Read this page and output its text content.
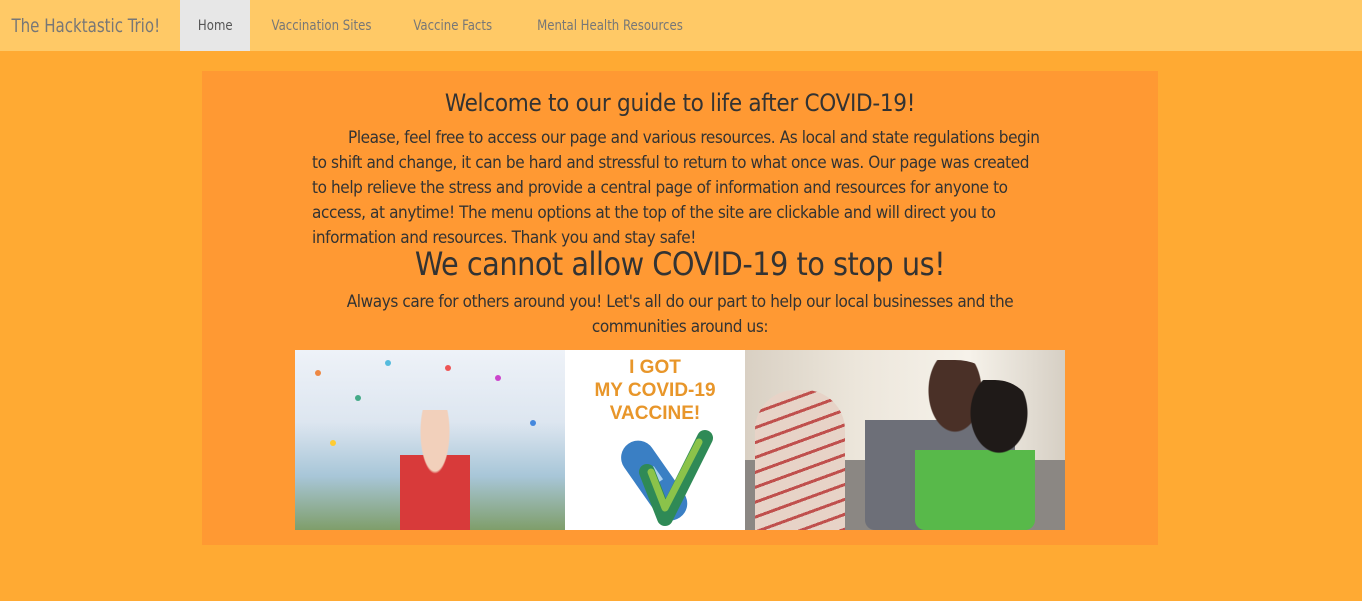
The Hacktastic Trio!	Home	Vaccination Sites	Vaccine Facts	Mental Health Resources
Welcome to our guide to life after COVID-19!

Please, feel free to access our page and various resources. As local and state regulations begin to shift and change, it can be hard and stressful to return to what once was. Our page was created to help relieve the stress and provide a central page of information and resources for anyone to access, at anytime! The menu options at the top of the site are clickable and will direct you to information and resources. Thank you and stay safe!

We cannot allow COVID-19 to stop us!

Always care for others around you! Let's all do our part to help our local businesses and the communities around us:

I GOT
MY COVID-19
VACCINE!
